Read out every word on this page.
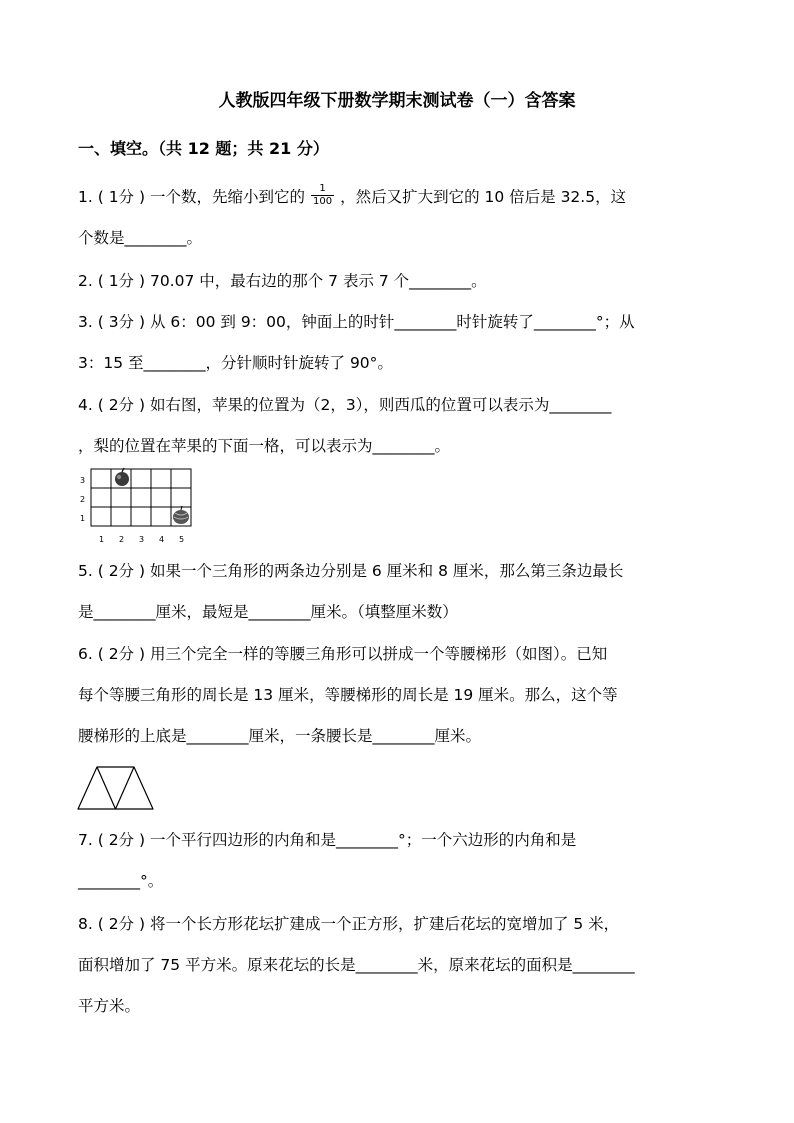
人教版四年级下册数学期末测试卷（一）含答案
一、填空。（共 12 题；共 21 分）
1. ( 1分 ) 一个数，先缩小到它的 $\frac{1}{100}$ ，然后又扩大到它的 10 倍后是 32.5，这
个数是________。
2. ( 1分 ) 70.07 中，最右边的那个 7 表示 7 个________。
3. ( 3分 ) 从 6：00 到 9：00，钟面上的时针________时针旋转了________°；从
3：15 至________，分针顺时针旋转了 90°。
4. ( 2分 ) 如右图，苹果的位置为（2，3），则西瓜的位置可以表示为________
，梨的位置在苹果的下面一格，可以表示为________。
3
2
1
1 2 3 4 5
5. ( 2分 ) 如果一个三角形的两条边分别是 6 厘米和 8 厘米，那么第三条边最长
是________厘米，最短是________厘米。（填整厘米数）
6. ( 2分 ) 用三个完全一样的等腰三角形可以拼成一个等腰梯形（如图）。已知
每个等腰三角形的周长是 13 厘米，等腰梯形的周长是 19 厘米。那么，这个等
腰梯形的上底是________厘米，一条腰长是________厘米。
7. ( 2分 ) 一个平行四边形的内角和是________°；一个六边形的内角和是
________°。
8. ( 2分 ) 将一个长方形花坛扩建成一个正方形，扩建后花坛的宽增加了 5 米，
面积增加了 75 平方米。原来花坛的长是________米，原来花坛的面积是________
平方米。
